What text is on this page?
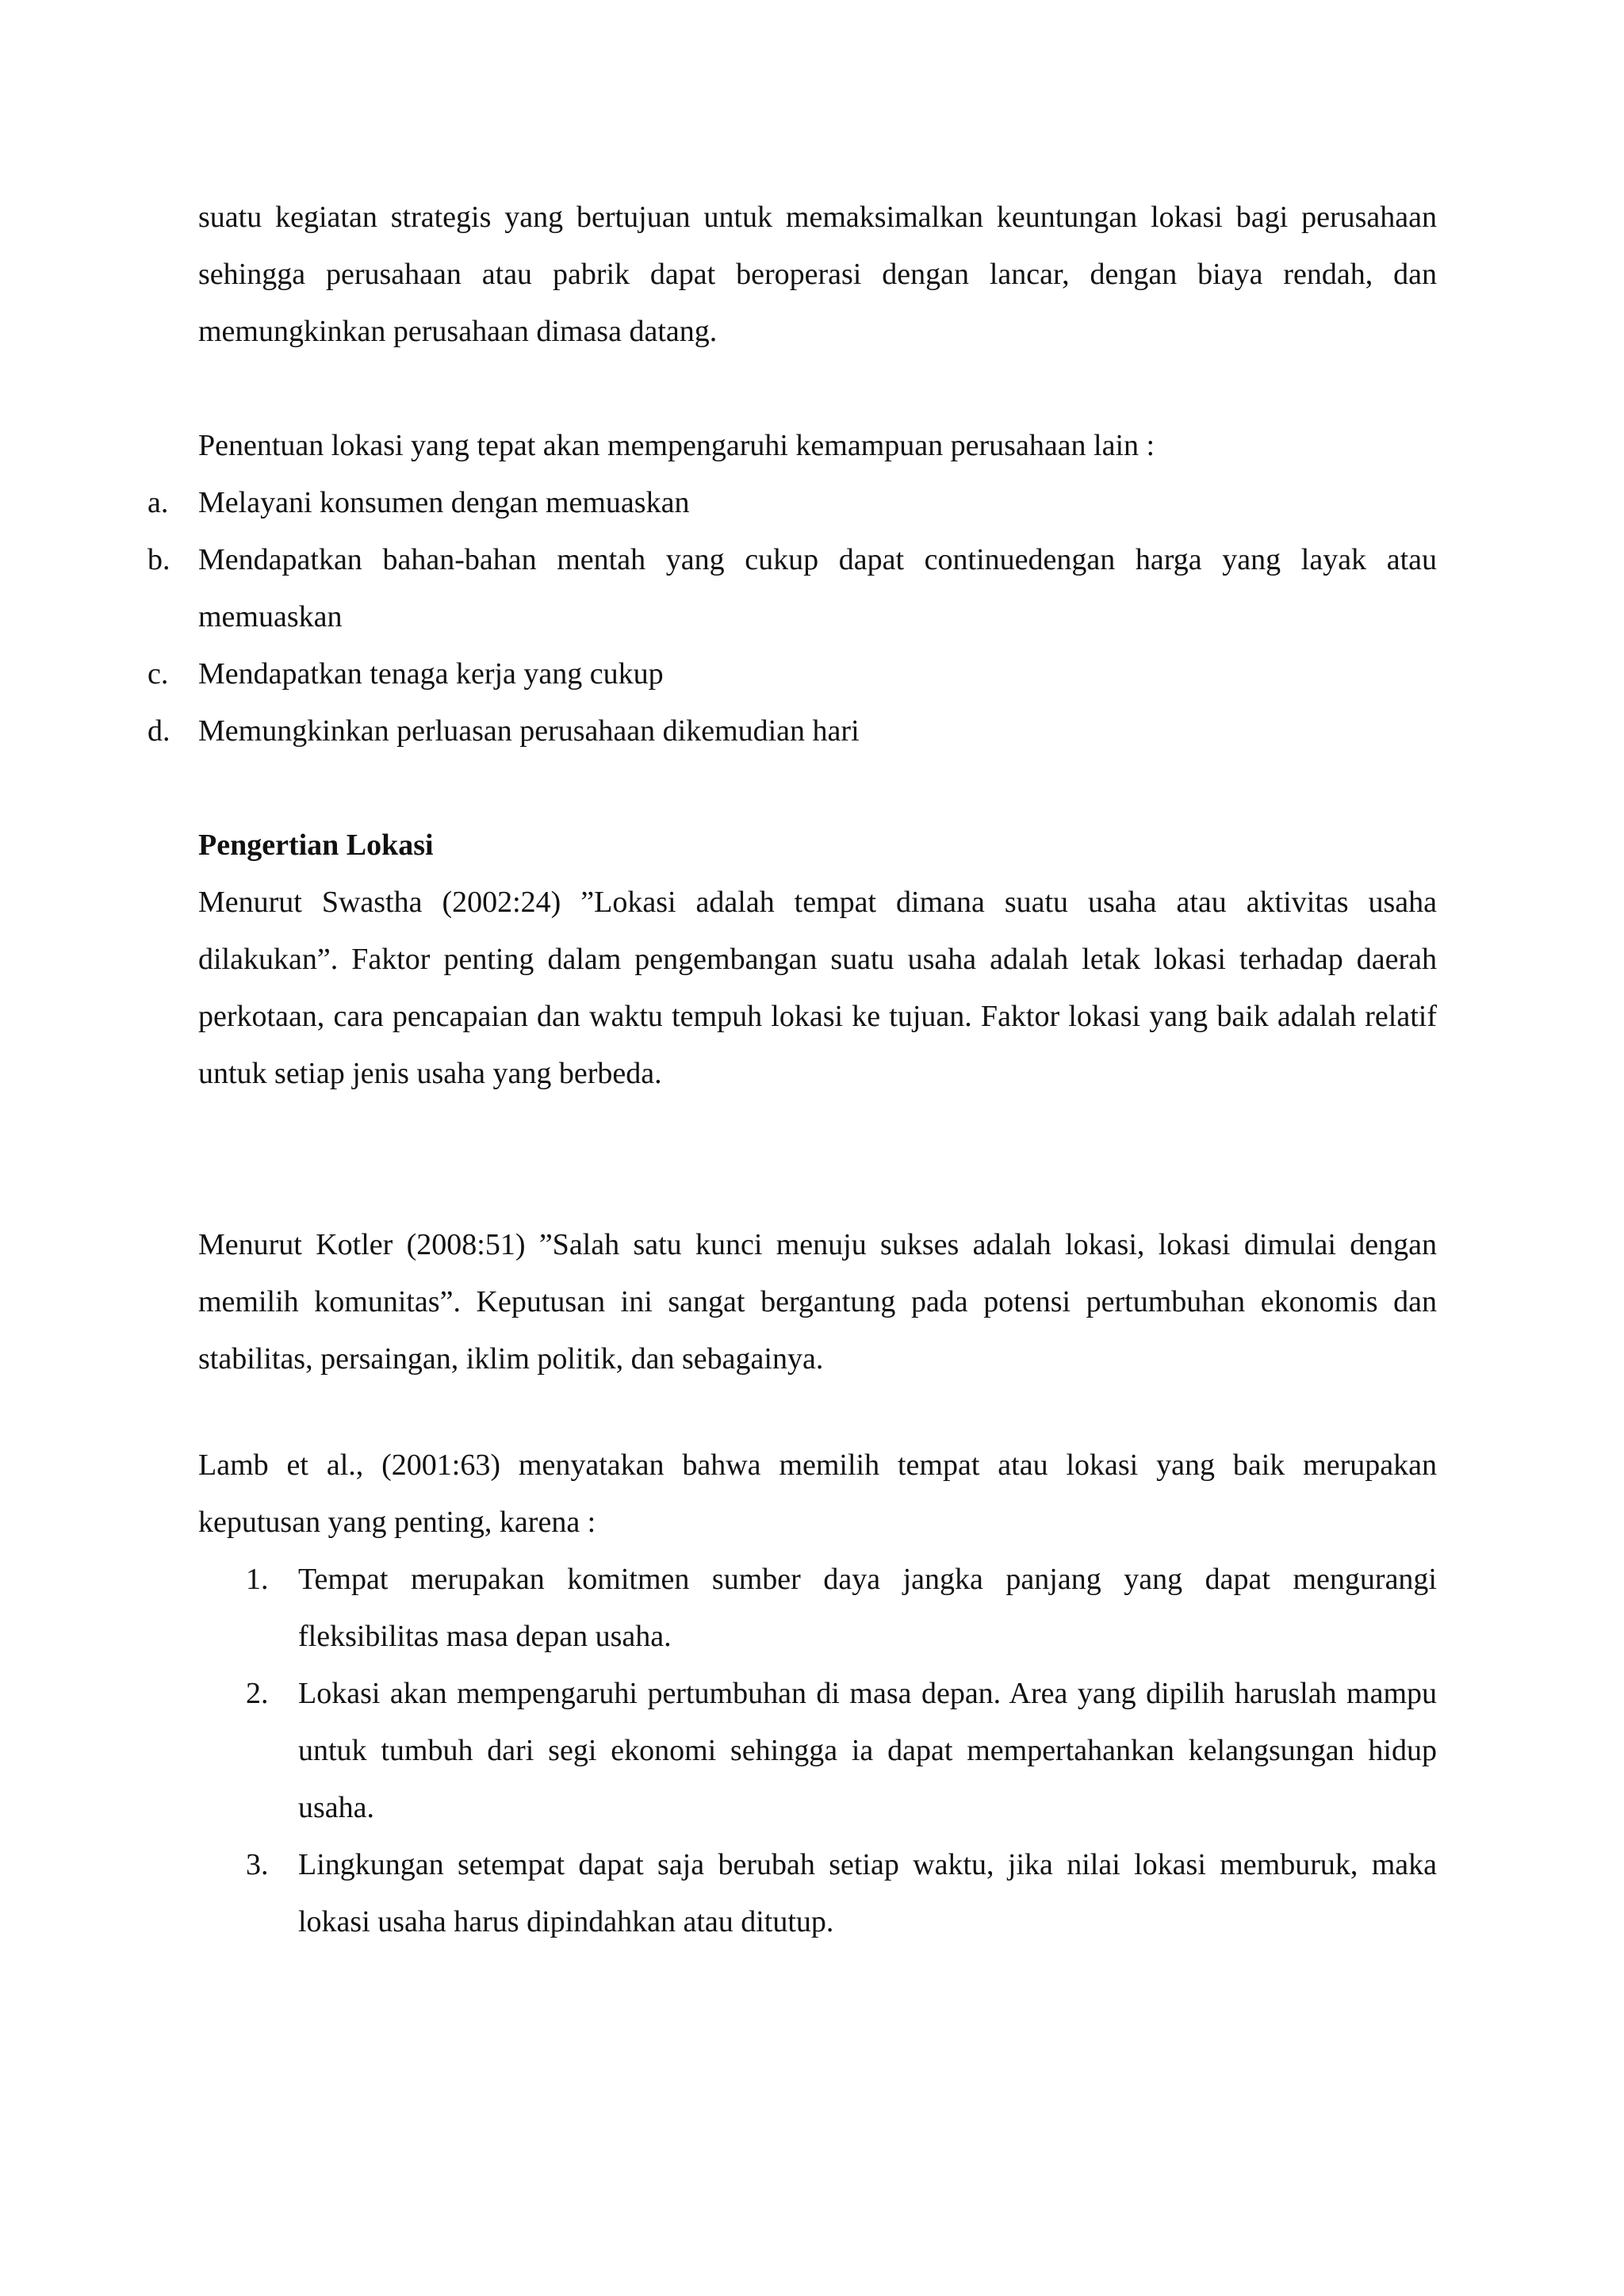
suatu kegiatan strategis yang bertujuan untuk memaksimalkan keuntungan lokasi bagi perusahaan sehingga perusahaan atau pabrik dapat beroperasi dengan lancar, dengan biaya rendah, dan memungkinkan perusahaan dimasa datang.

Penentuan lokasi yang tepat akan mempengaruhi kemampuan perusahaan lain :

a. Melayani konsumen dengan memuaskan
b. Mendapatkan bahan-bahan mentah yang cukup dapat continuedengan harga yang layak atau memuaskan
c. Mendapatkan tenaga kerja yang cukup
d. Memungkinkan perluasan perusahaan dikemudian hari

Pengertian Lokasi

Menurut Swastha (2002:24) ”Lokasi adalah tempat dimana suatu usaha atau aktivitas usaha dilakukan”. Faktor penting dalam pengembangan suatu usaha adalah letak lokasi terhadap daerah perkotaan, cara pencapaian dan waktu tempuh lokasi ke tujuan. Faktor lokasi yang baik adalah relatif untuk setiap jenis usaha yang berbeda.

Menurut Kotler (2008:51) ”Salah satu kunci menuju sukses adalah lokasi, lokasi dimulai dengan memilih komunitas”. Keputusan ini sangat bergantung pada potensi pertumbuhan ekonomis dan stabilitas, persaingan, iklim politik, dan sebagainya.

Lamb et al., (2001:63) menyatakan bahwa memilih tempat atau lokasi yang baik merupakan keputusan yang penting, karena :

1. Tempat merupakan komitmen sumber daya jangka panjang yang dapat mengurangi fleksibilitas masa depan usaha.
2. Lokasi akan mempengaruhi pertumbuhan di masa depan. Area yang dipilih haruslah mampu untuk tumbuh dari segi ekonomi sehingga ia dapat mempertahankan kelangsungan hidup usaha.
3. Lingkungan setempat dapat saja berubah setiap waktu, jika nilai lokasi memburuk, maka lokasi usaha harus dipindahkan atau ditutup.
